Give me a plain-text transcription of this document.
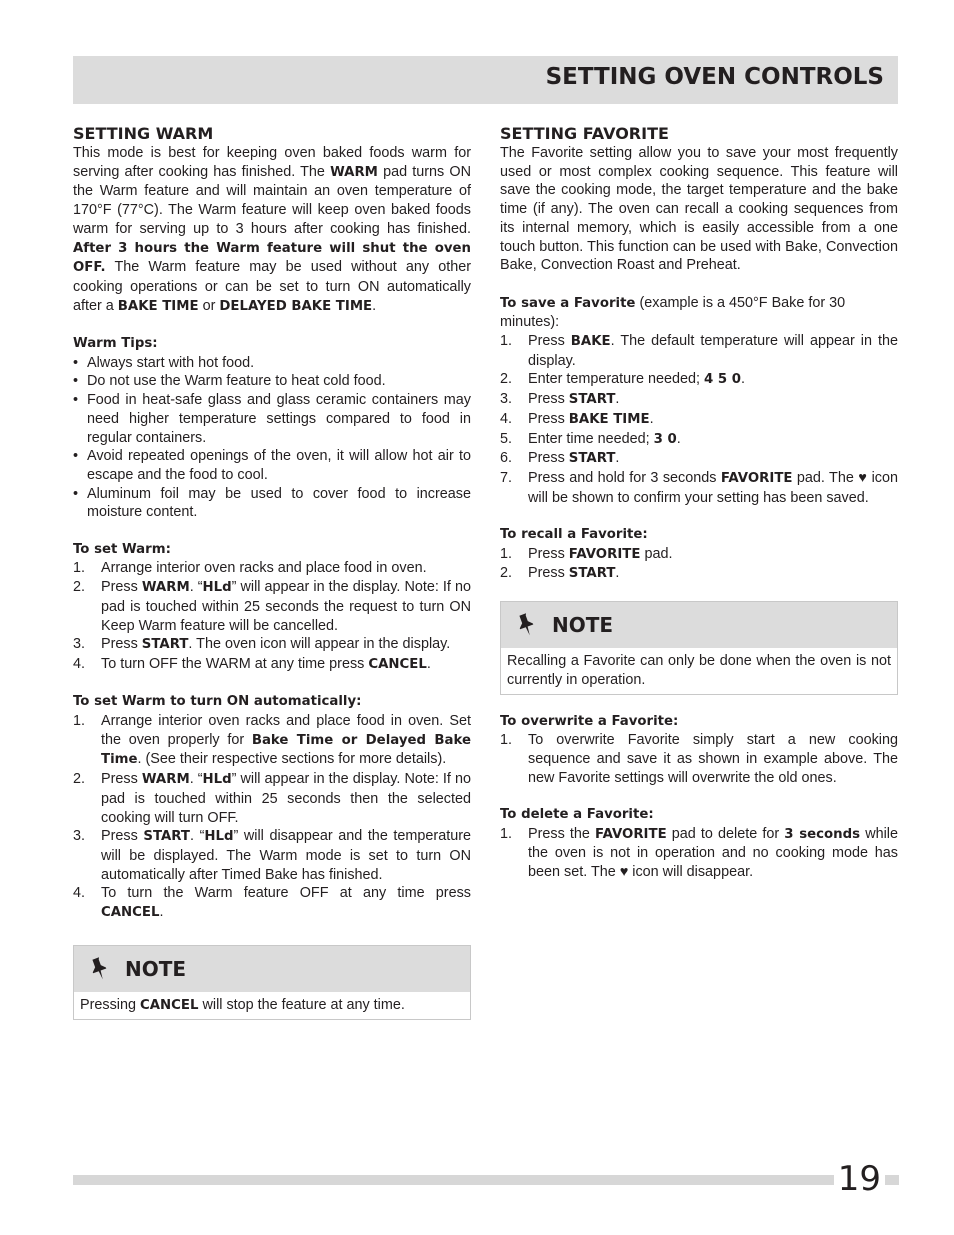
SETTING OVEN CONTROLS
SETTING WARM

This mode is best for keeping oven baked foods warm for serving after cooking has finished. The WARM pad turns ON the Warm feature and will maintain an oven temperature of 170°F (77°C). The Warm feature will keep oven baked foods warm for serving up to 3 hours after cooking has finished. After 3 hours the Warm feature will shut the oven OFF. The Warm feature may be used without any other cooking operations or can be set to turn ON automatically after a BAKE TIME or DELAYED BAKE TIME.

Warm Tips:
• Always start with hot food.
• Do not use the Warm feature to heat cold food.
• Food in heat-safe glass and glass ceramic containers may need higher temperature settings compared to food in regular containers.
• Avoid repeated openings of the oven, it will allow hot air to escape and the food to cool.
• Aluminum foil may be used to cover food to increase moisture content.
To set Warm:
1. Arrange interior oven racks and place food in oven.
2. Press WARM. “HLd” will appear in the display. Note: If no pad is touched within 25 seconds the request to turn ON Keep Warm feature will be cancelled.
3. Press START. The oven icon will appear in the display.
4. To turn OFF the WARM at any time press CANCEL.
To set Warm to turn ON automatically:
1. Arrange interior oven racks and place food in oven. Set the oven properly for Bake Time or Delayed Bake Time. (See their respective sections for more details).
2. Press WARM. “HLd” will appear in the display. Note: If no pad is touched within 25 seconds then the selected cooking will turn OFF.
3. Press START. “HLd” will disappear and the temperature will be displayed. The Warm mode is set to turn ON automatically after Timed Bake has finished.
4. To turn the Warm feature OFF at any time press CANCEL.
NOTE
Pressing CANCEL will stop the feature at any time.
SETTING FAVORITE

The Favorite setting allow you to save your most frequently used or most complex cooking sequence. This feature will save the cooking mode, the target temperature and the bake time (if any). The oven can recall a cooking sequences from its internal memory, which is easily accessible from a one touch button. This function can be used with Bake, Convection Bake, Convection Roast and Preheat.

To save a Favorite (example is a 450°F Bake for 30 minutes):

1. Press BAKE. The default temperature will appear in the display.
2. Enter temperature needed; 4 5 0.
3. Press START.
4. Press BAKE TIME.
5. Enter time needed; 3 0.
6. Press START.
7. Press and hold for 3 seconds FAVORITE pad. The ♥ icon will be shown to confirm your setting has been saved.
To recall a Favorite:
1. Press FAVORITE pad.
2. Press START.
NOTE
Recalling a Favorite can only be done when the oven is not currently in operation.
To overwrite a Favorite:
1. To overwrite Favorite simply start a new cooking sequence and save it as shown in example above. The new Favorite settings will overwrite the old ones.
To delete a Favorite:
1. Press the FAVORITE pad to delete for 3 seconds while the oven is not in operation and no cooking mode has been set. The ♥ icon will disappear.
19
